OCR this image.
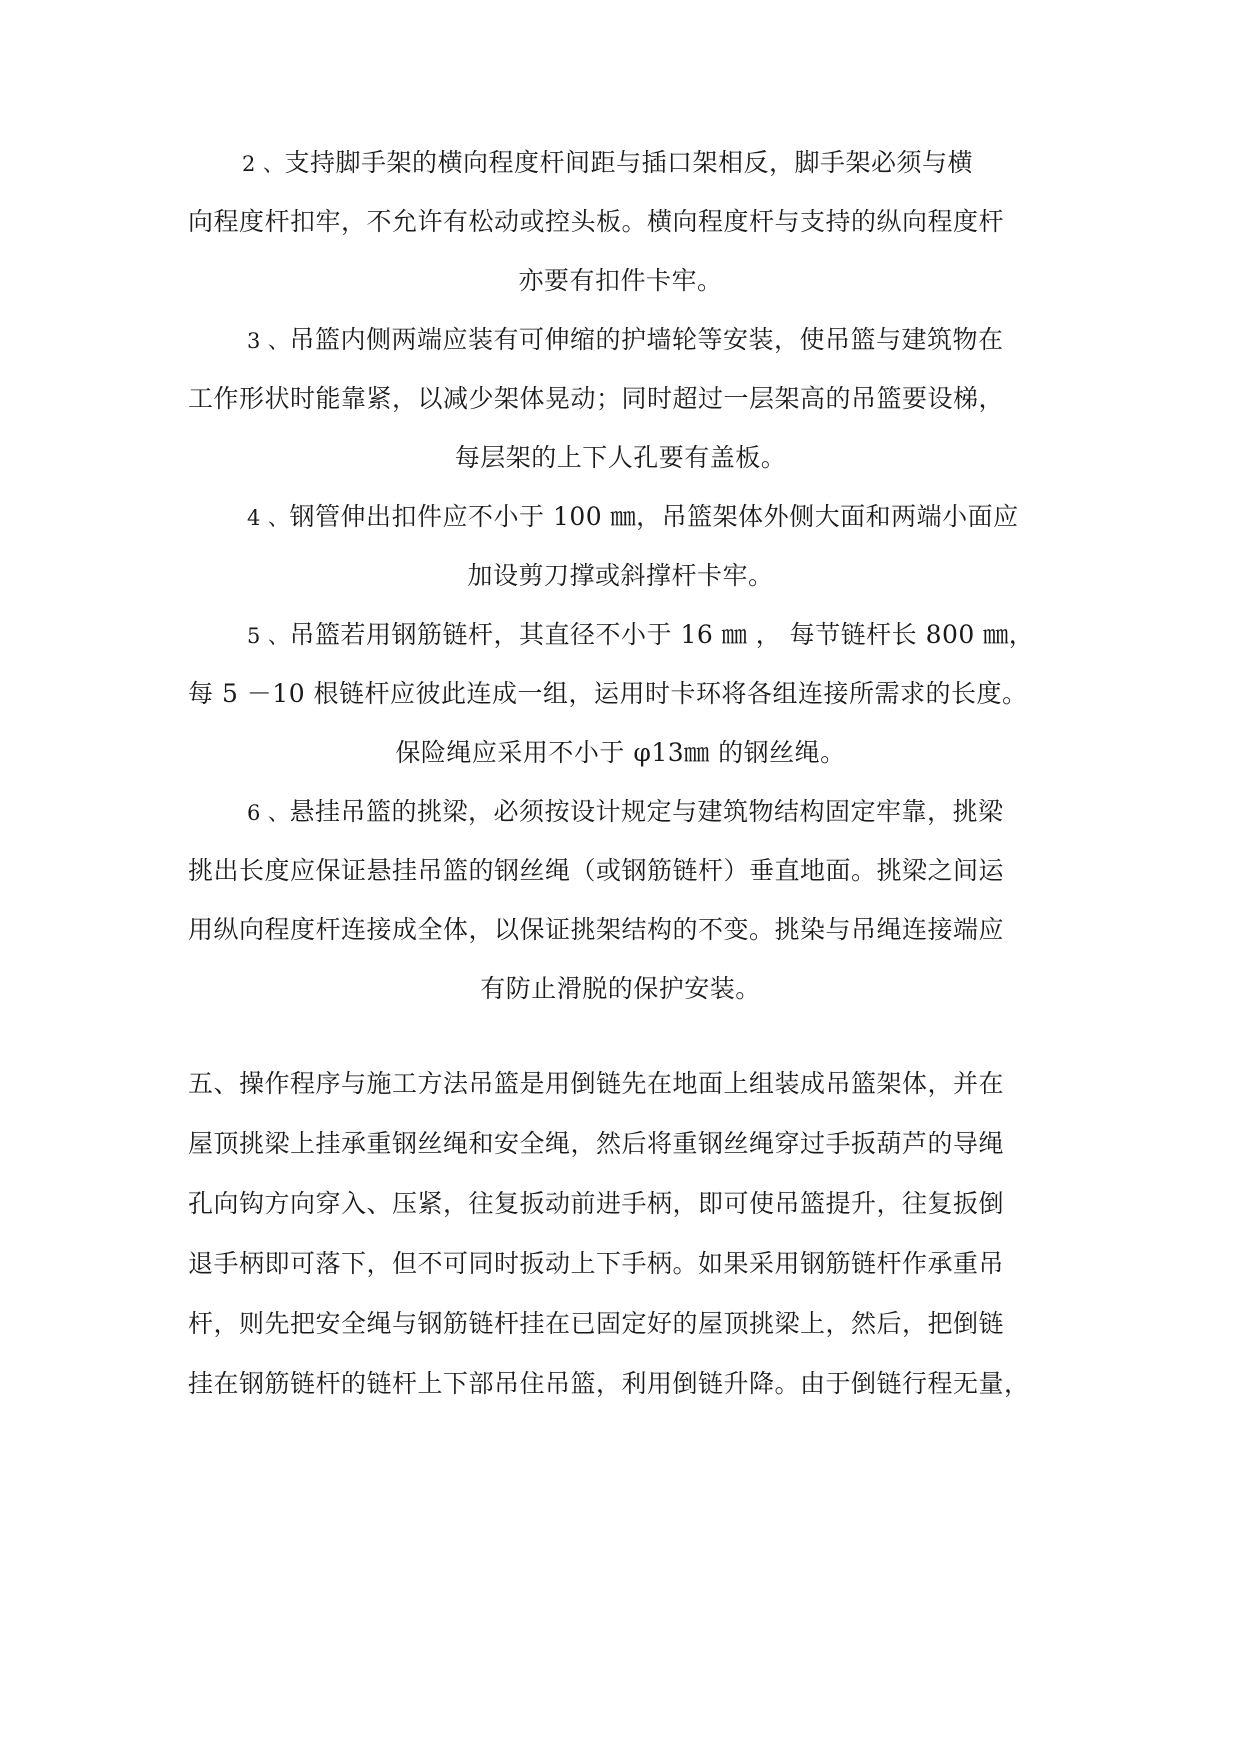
2 、支持脚手架的横向程度杆间距与插口架相反，脚手架必须与横
向程度杆扣牢，不允许有松动或控头板。横向程度杆与支持的纵向程度杆
亦要有扣件卡牢。
3 、吊篮内侧两端应装有可伸缩的护墙轮等安装，使吊篮与建筑物在
工作形状时能靠紧，以减少架体晃动；同时超过一层架高的吊篮要设梯，
每层架的上下人孔要有盖板。
4 、钢管伸出扣件应不小于 100 ㎜，吊篮架体外侧大面和两端小面应
加设剪刀撑或斜撑杆卡牢。
5 、吊篮若用钢筋链杆，其直径不小于 16 ㎜ ， 每节链杆长 800 ㎜，
每 5 －10 根链杆应彼此连成一组，运用时卡环将各组连接所需求的长度。
保险绳应采用不小于 φ13㎜ 的钢丝绳。
6 、悬挂吊篮的挑梁，必须按设计规定与建筑物结构固定牢靠，挑梁
挑出长度应保证悬挂吊篮的钢丝绳（或钢筋链杆）垂直地面。挑梁之间运
用纵向程度杆连接成全体，以保证挑架结构的不变。挑染与吊绳连接端应
有防止滑脱的保护安装。
五、操作程序与施工方法吊篮是用倒链先在地面上组装成吊篮架体，并在
屋顶挑梁上挂承重钢丝绳和安全绳，然后将重钢丝绳穿过手扳葫芦的导绳
孔向钩方向穿入、压紧，往复扳动前进手柄，即可使吊篮提升，往复扳倒
退手柄即可落下，但不可同时扳动上下手柄。如果采用钢筋链杆作承重吊
杆，则先把安全绳与钢筋链杆挂在已固定好的屋顶挑梁上，然后，把倒链
挂在钢筋链杆的链杆上下部吊住吊篮，利用倒链升降。由于倒链行程无量，
